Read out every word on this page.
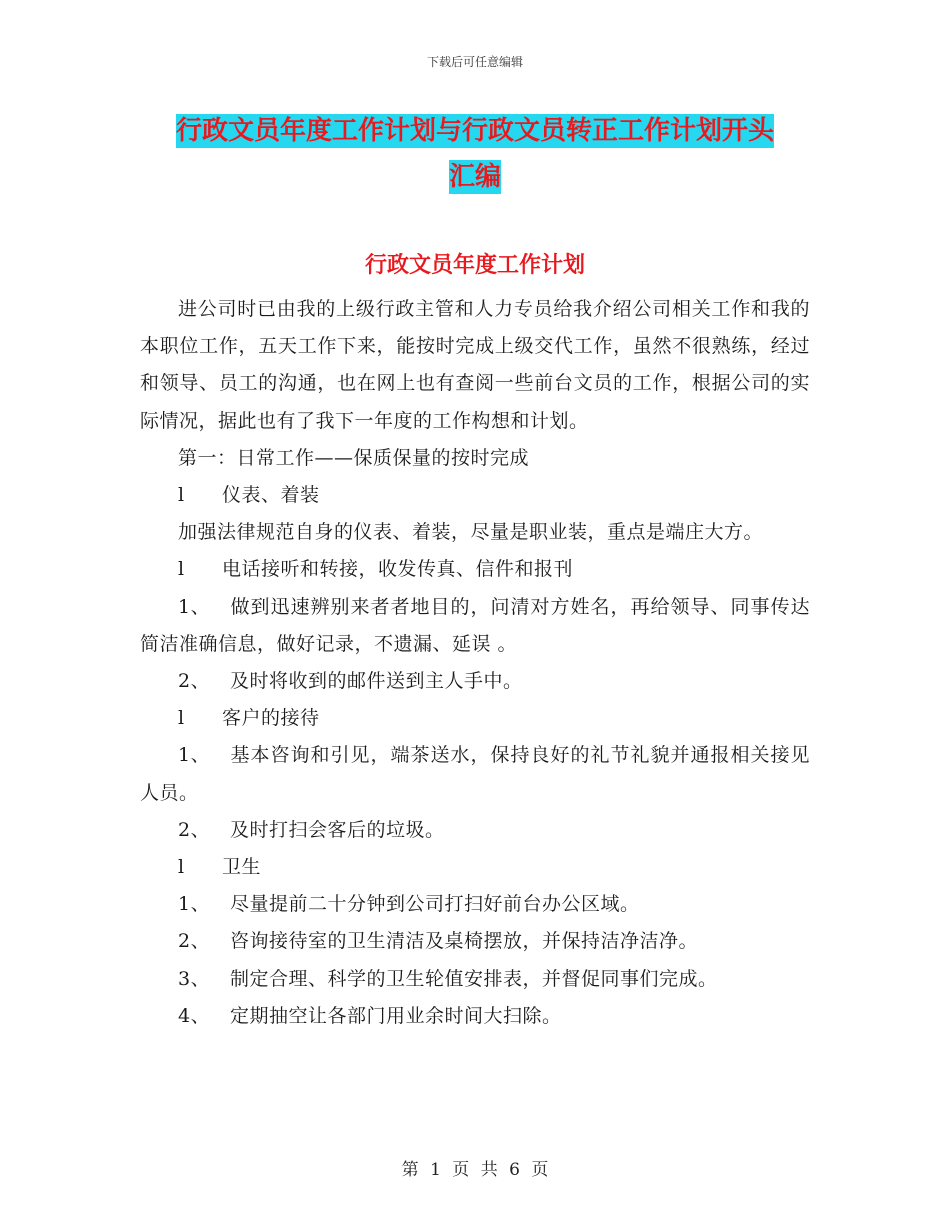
下载后可任意编辑
行政文员年度工作计划与行政文员转正工作计划开头
汇编
行政文员年度工作计划

进公司时已由我的上级行政主管和人力专员给我介绍公司相关工作和我的本职位工作，五天工作下来，能按时完成上级交代工作，虽然不很熟练，经过和领导、员工的沟通，也在网上也有查阅一些前台文员的工作，根据公司的实际情况，据此也有了我下一年度的工作构想和计划。

第一：日常工作——保质保量的按时完成

l 仪表、着装

加强法律规范自身的仪表、着装，尽量是职业装，重点是端庄大方。

l 电话接听和转接，收发传真、信件和报刊

1、 做到迅速辨别来者者地目的，问清对方姓名，再给领导、同事传达简洁准确信息，做好记录，不遗漏、延误 。

2、 及时将收到的邮件送到主人手中。

l 客户的接待

1、 基本咨询和引见，端茶送水，保持良好的礼节礼貌并通报相关接见人员。

2、 及时打扫会客后的垃圾。

l 卫生

1、 尽量提前二十分钟到公司打扫好前台办公区域。

2、 咨询接待室的卫生清洁及桌椅摆放，并保持洁净洁净。

3、 制定合理、科学的卫生轮值安排表，并督促同事们完成。

4、 定期抽空让各部门用业余时间大扫除。

第 1 页 共 6 页
